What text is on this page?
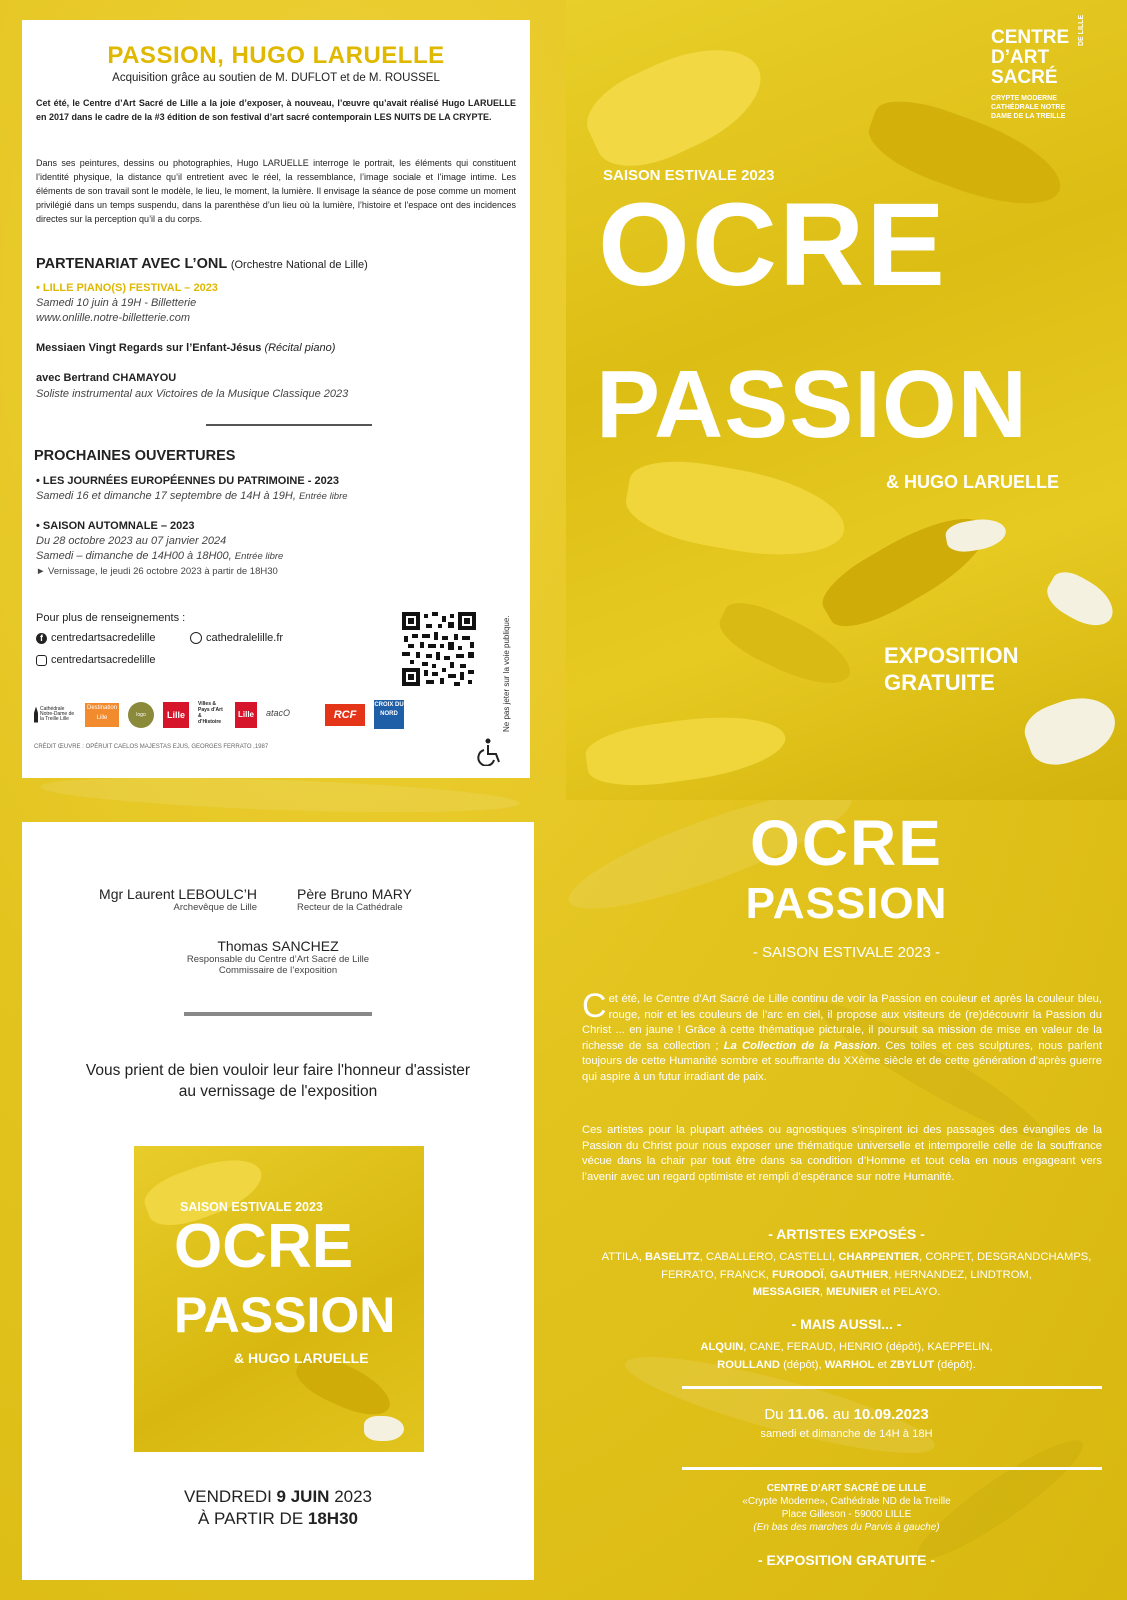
PASSION, HUGO LARUELLE
Acquisition grâce au soutien de M. DUFLOT et de M. ROUSSEL
Cet été, le Centre d’Art Sacré de Lille a la joie d’exposer, à nouveau, l’œuvre qu’avait réalisé Hugo LARUELLE en 2017 dans le cadre de la #3 édition de son festival d’art sacré contemporain LES NUITS DE LA CRYPTE.
Dans ses peintures, dessins ou photographies, Hugo LARUELLE interroge le portrait, les éléments qui constituent l’identité physique, la distance qu’il entretient avec le réel, la ressemblance, l’image sociale et l’image intime. Les éléments de son travail sont le modèle, le lieu, le moment, la lumière. Il envisage la séance de pose comme un moment privilégié dans un temps suspendu, dans la parenthèse d’un lieu où la lumière, l’histoire et l’espace ont des incidences directes sur la perception qu’il a du corps.
PARTENARIAT AVEC L’ONL (Orchestre National de Lille)
• LILLE PIANO(S) FESTIVAL – 2023
Samedi 10 juin à 19H - Billetterie
www.onlille.notre-billetterie.com
Messiaen Vingt Regards sur l’Enfant-Jésus (Récital piano)
avec Bertrand CHAMAYOU
Soliste instrumental aux Victoires de la Musique Classique 2023
PROCHAINES OUVERTURES
• LES JOURNÉES EUROPÉENNES DU PATRIMOINE - 2023
Samedi 16 et dimanche 17 septembre de 14H à 19H, Entrée libre
• SAISON AUTOMNALE – 2023
Du 28 octobre 2023 au 07 janvier 2024
Samedi – dimanche de 14H00 à 18H00, Entrée libre
► Vernissage, le jeudi 26 octobre 2023 à partir de 18H30
Pour plus de renseignements :
f centredartsacredelille	cathedralelille.fr
centredartsacredelille	Ne pas jeter sur la voie publique.
Cathédrale Notre-Dame de la Treille Lille
Destination Lille	logo	Lille
Villes & Pays d’Art & d’Histoire
Lille	atacO	RCF
CROIX DU NORD
CRÉDIT ŒUVRE : OPÉRUIT CAELOS MAJESTAS EJUS, GEORGES FERRATO ,1987
CENTRE
D’ART
SACRÉ
DE LILLE
CRYPTE MODERNE
CATHÉDRALE NOTRE
DAME DE LA TREILLE
SAISON ESTIVALE 2023
OCRE
PASSION
& HUGO LARUELLE
EXPOSITION
GRATUITE
Mgr Laurent LEBOULC’H
Archevêque de Lille
Père Bruno MARY
Recteur de la Cathédrale
Thomas SANCHEZ
Responsable du Centre d’Art Sacré de Lille
Commissaire de l’exposition
Vous prient de bien vouloir leur faire l'honneur d'assister
au vernissage de l'exposition
SAISON ESTIVALE 2023
OCRE
PASSION
& HUGO LARUELLE
VENDREDI 9 JUIN 2023
À PARTIR DE 18H30
OCRE
PASSION
- SAISON ESTIVALE 2023 -
Cet été, le Centre d’Art Sacré de Lille continu de voir la Passion en couleur et après la couleur bleu, rouge, noir et les couleurs de l’arc en ciel, il propose aux visiteurs de (re)découvrir la Passion du Christ ... en jaune ! Grâce à cette thématique picturale, il poursuit sa mission de mise en valeur de la richesse de sa collection ; La Collection de la Passion. Ces toiles et ces sculptures, nous parlent toujours de cette Humanité sombre et souffrante du XXème siècle et de cette génération d’après guerre qui aspire à un futur irradiant de paix.
Ces artistes pour la plupart athées ou agnostiques s’inspirent ici des passages des évangiles de la Passion du Christ pour nous exposer une thématique universelle et intemporelle celle de la souffrance vécue dans la chair par tout être dans sa condition d’Homme et tout cela en nous engageant vers l’avenir avec un regard optimiste et rempli d’espérance sur notre Humanité.
- ARTISTES EXPOSÉS -
ATTILA, BASELITZ, CABALLERO, CASTELLI, CHARPENTIER, CORPET, DESGRANDCHAMPS,
FERRATO, FRANCK, FURODOÏ, GAUTHIER, HERNANDEZ, LINDTROM,
MESSAGIER, MEUNIER et PELAYO.
- MAIS AUSSI... -
ALQUIN, CANE, FERAUD, HENRIO (dépôt), KAEPPELIN,
ROULLAND (dépôt), WARHOL et ZBYLUT (dépôt).
Du 11.06. au 10.09.2023
samedi et dimanche de 14H à 18H
CENTRE D’ART SACRÉ DE LILLE
«Crypte Moderne», Cathédrale ND de la Treille
Place Gilleson - 59000 LILLE
(En bas des marches du Parvis à gauche)
- EXPOSITION GRATUITE -
